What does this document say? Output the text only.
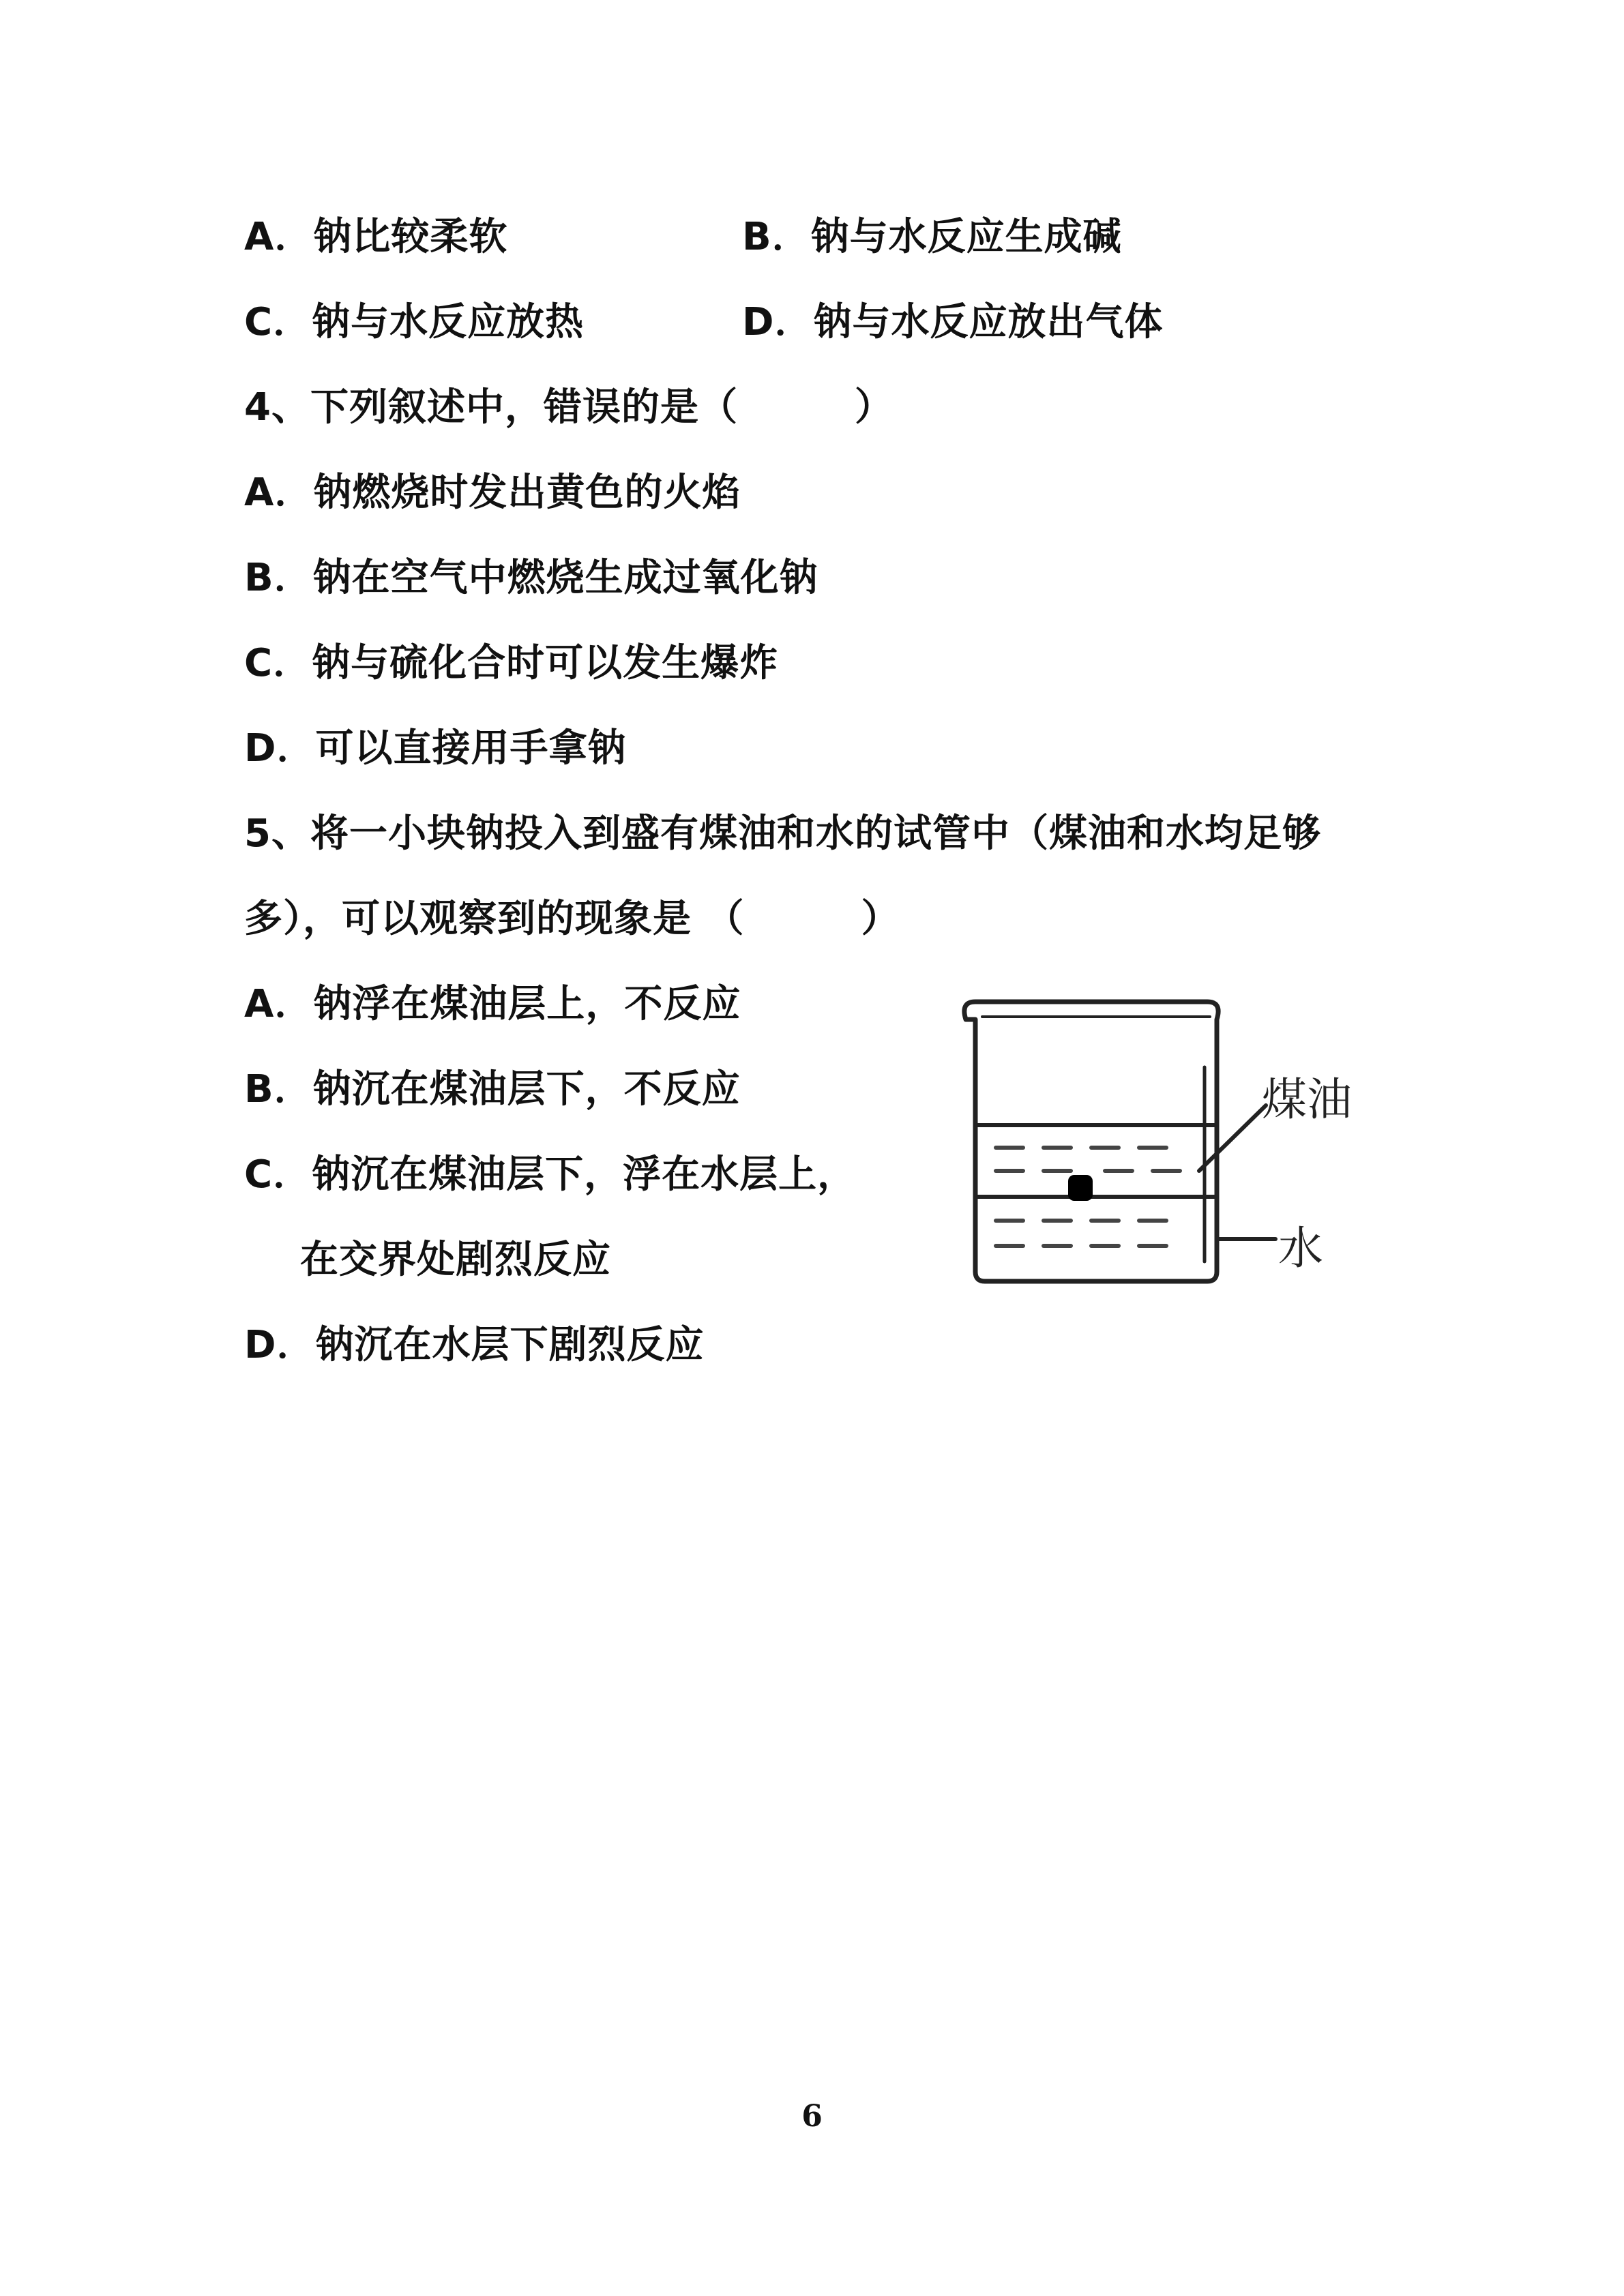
A．钠比较柔软	B．钠与水反应生成碱
C．钠与水反应放热	D．钠与水反应放出气体
4、下列叙述中，错误的是（　　　）
A．钠燃烧时发出黄色的火焰
B．钠在空气中燃烧生成过氧化钠
C．钠与硫化合时可以发生爆炸
D．可以直接用手拿钠
5、将一小块钠投入到盛有煤油和水的试管中（煤油和水均足够
多），可以观察到的现象是 （　　　）
A．钠浮在煤油层上，不反应
B．钠沉在煤油层下，不反应
C．钠沉在煤油层下，浮在水层上，
在交界处剧烈反应
D．钠沉在水层下剧烈反应
煤油
水
6
